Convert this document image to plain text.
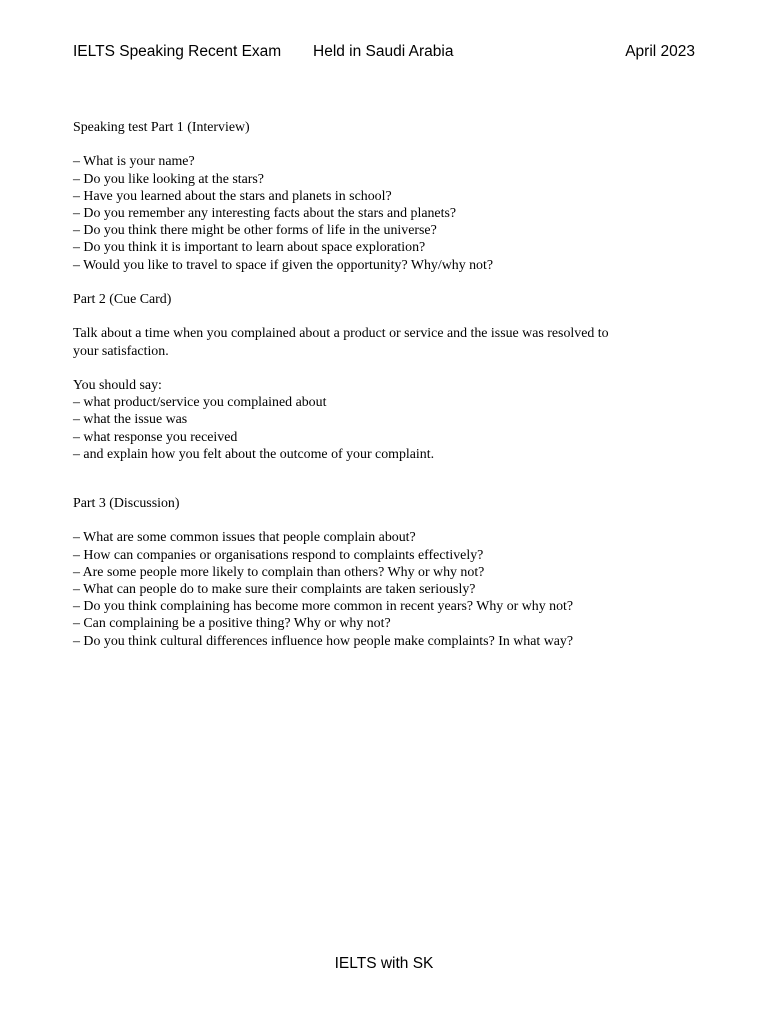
IELTS Speaking Recent Exam Held in Saudi Arabia	April 2023

Speaking test Part 1 (Interview)

– What is your name?
– Do you like looking at the stars?
– Have you learned about the stars and planets in school?
– Do you remember any interesting facts about the stars and planets?
– Do you think there might be other forms of life in the universe?
– Do you think it is important to learn about space exploration?
– Would you like to travel to space if given the opportunity? Why/why not?

Part 2 (Cue Card)

Talk about a time when you complained about a product or service and the issue was resolved to

your satisfaction.

You should say:

– what product/service you complained about
– what the issue was
– what response you received
– and explain how you felt about the outcome of your complaint.

Part 3 (Discussion)

– What are some common issues that people complain about?
– How can companies or organisations respond to complaints effectively?
– Are some people more likely to complain than others? Why or why not?
– What can people do to make sure their complaints are taken seriously?
– Do you think complaining has become more common in recent years? Why or why not?
– Can complaining be a positive thing? Why or why not?
– Do you think cultural differences influence how people make complaints? In what way?
IELTS with SK
